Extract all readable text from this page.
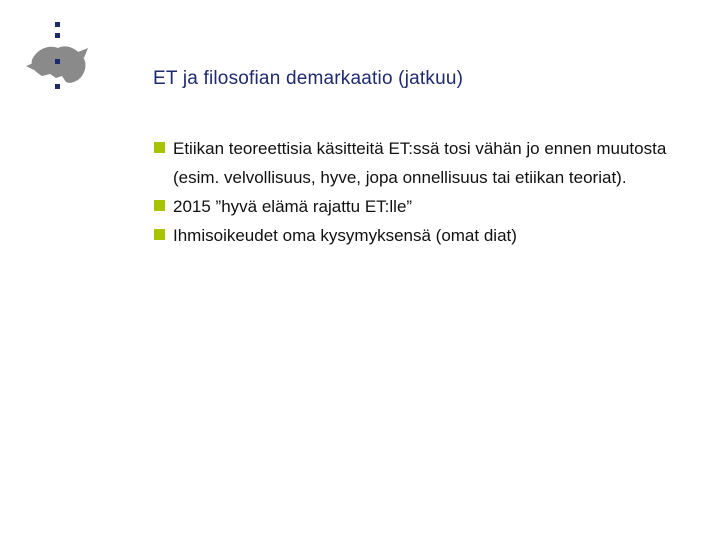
ET ja filosofian demarkaatio (jatkuu)
Etiikan teoreettisia käsitteitä ET:ssä tosi vähän jo ennen muutosta (esim. velvollisuus, hyve, jopa onnellisuus tai etiikan teoriat).
2015 ”hyvä elämä rajattu ET:lle”
Ihmisoikeudet oma kysymyksensä (omat diat)
